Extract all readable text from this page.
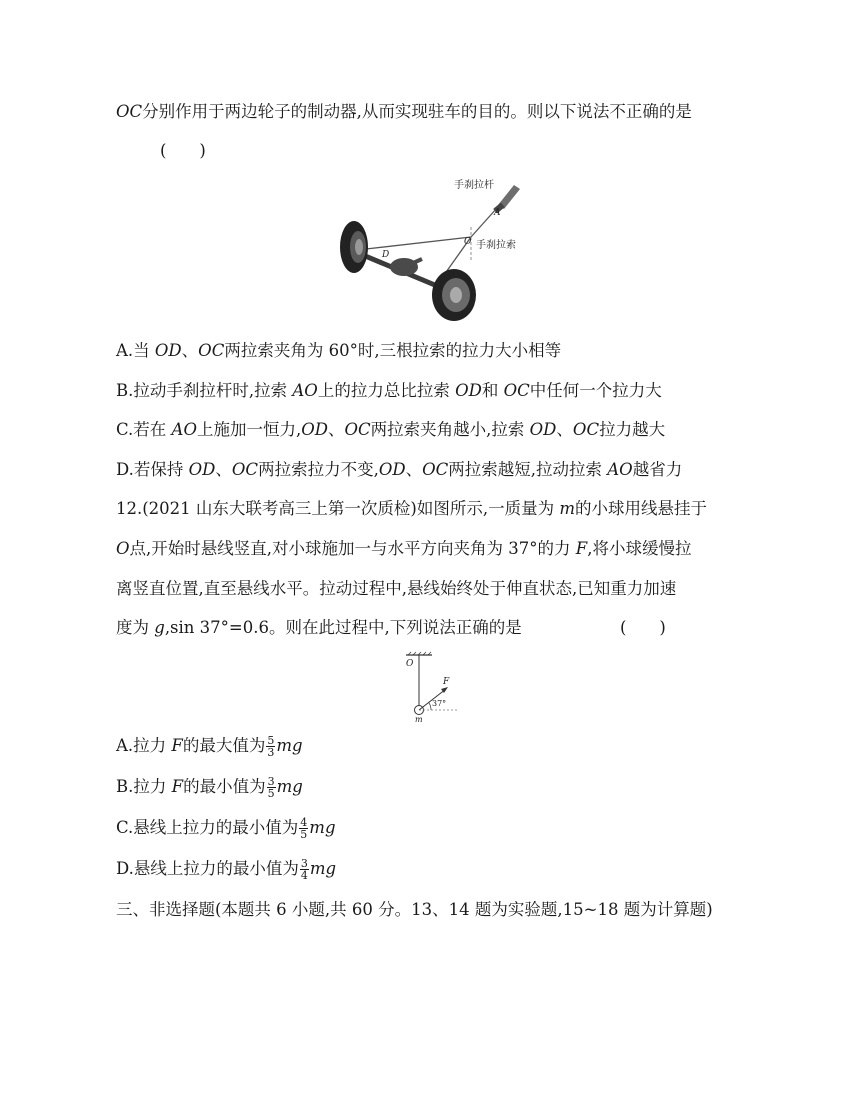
OC分别作用于两边轮子的制动器,从而实现驻车的目的。则以下说法不正确的是
(　　)
手刹拉杆
A
O 手刹拉索
D
C
A.当 OD、OC两拉索夹角为 60°时,三根拉索的拉力大小相等
B.拉动手刹拉杆时,拉索 AO上的拉力总比拉索 OD和 OC中任何一个拉力大
C.若在 AO上施加一恒力,OD、OC两拉索夹角越小,拉索 OD、OC拉力越大
D.若保持 OD、OC两拉索拉力不变,OD、OC两拉索越短,拉动拉索 AO越省力
12.(2021 山东大联考高三上第一次质检)如图所示,一质量为 m的小球用线悬挂于
O点,开始时悬线竖直,对小球施加一与水平方向夹角为 37°的力 F,将小球缓慢拉
离竖直位置,直至悬线水平。拉动过程中,悬线始终处于伸直状态,已知重力加速
度为 g,sin 37°=0.6。则在此过程中,下列说法正确的是	(　　)
O
F
37°
m
A.拉力 F的最大值为 $\frac{5}{3}$ mg
B.拉力 F的最小值为 $\frac{3}{5}$ mg
C.悬线上拉力的最小值为 $\frac{4}{5}$ mg
D.悬线上拉力的最小值为 $\frac{3}{4}$ mg
三、非选择题(本题共 6 小题,共 60 分。13、14 题为实验题,15~18 题为计算题)
